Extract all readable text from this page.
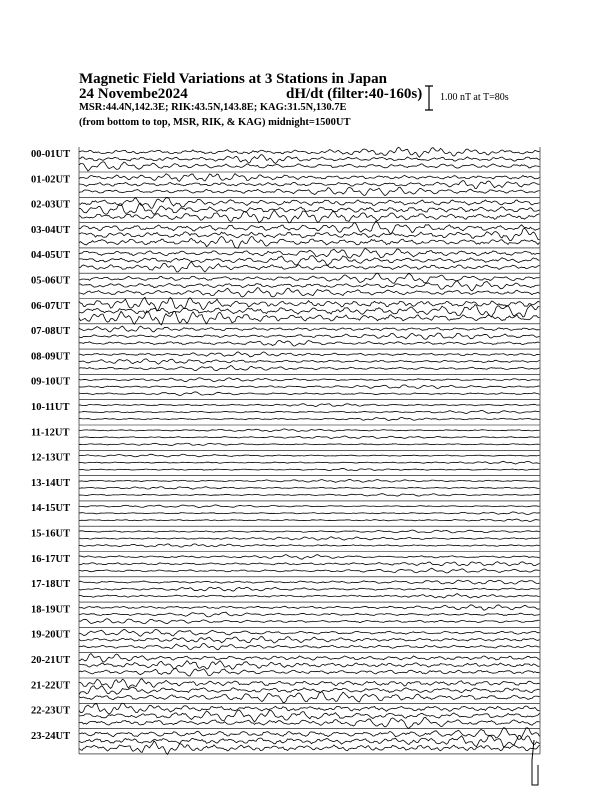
Magnetic Field Variations at 3 Stations in Japan
24 Novembe2024	dH/dt (filter:40-160s)
MSR:44.4N,142.3E; RIK:43.5N,143.8E; KAG:31.5N,130.7E
(from bottom to top, MSR, RIK, & KAG) midnight=1500UT
1.00 nT at T=80s
00-01UT
01-02UT
02-03UT
03-04UT
04-05UT
05-06UT
06-07UT
07-08UT
08-09UT
09-10UT
10-11UT
11-12UT
12-13UT
13-14UT
14-15UT
15-16UT
16-17UT
17-18UT
18-19UT
19-20UT
20-21UT
21-22UT
22-23UT
23-24UT
